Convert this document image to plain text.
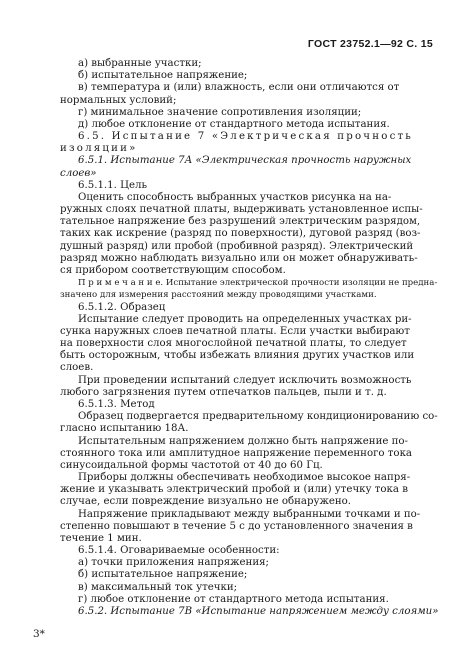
ГОСТ 23752.1—92 С. 15
а) выбранные участки;
б) испытательное напряжение;
в) температура и (или) влажность, если они отличаются от
нормальных условий;
г) минимальное значение сопротивления изоляции;
д) любое отклонение от стандартного метода испытания.
6.5. Испытание 7 «Электрическая прочность
изоляции»
6.5.1. Испытание 7А «Электрическая прочность наружных
слоев»
6.5.1.1. Цель
Оценить способность выбранных участков рисунка на на-
ружных слоях печатной платы, выдерживать установленное испы-
тательное напряжение без разрушений электрическим разрядом,
таких как искрение (разряд по поверхности), дуговой разряд (воз-
душный разряд) или пробой (пробивной разряд). Электрический
разряд можно наблюдать визуально или он может обнаруживать-
ся прибором соответствующим способом.
П р и м е ч а н и е. Испытание электрической прочности изоляции не предна-
значено для измерения расстояний между проводящими участками.
6.5.1.2. Образец
Испытание следует проводить на определенных участках ри-
сунка наружных слоев печатной платы. Если участки выбирают
на поверхности слоя многослойной печатной платы, то следует
быть осторожным, чтобы избежать влияния других участков или
слоев.
При проведении испытаний следует исключить возможность
любого загрязнения путем отпечатков пальцев, пыли и т. д.
6.5.1.3. Метод
Образец подвергается предварительному кондиционированию со-
гласно испытанию 18А.
Испытательным напряжением должно быть напряжение по-
стоянного тока или амплитудное напряжение переменного тока
синусоидальной формы частотой от 40 до 60 Гц.
Приборы должны обеспечивать необходимое высокое напря-
жение и указывать электрический пробой и (или) утечку тока в
случае, если повреждение визуально не обнаружено.
Напряжение прикладывают между выбранными точками и по-
степенно повышают в течение 5 с до установленного значения в
течение 1 мин.
6.5.1.4. Оговариваемые особенности:
а) точки приложения напряжения;
б) испытательное напряжение;
в) максимальный ток утечки;
г) любое отклонение от стандартного метода испытания.
6.5.2. Испытание 7В «Испытание напряжением между слоями»
3*
